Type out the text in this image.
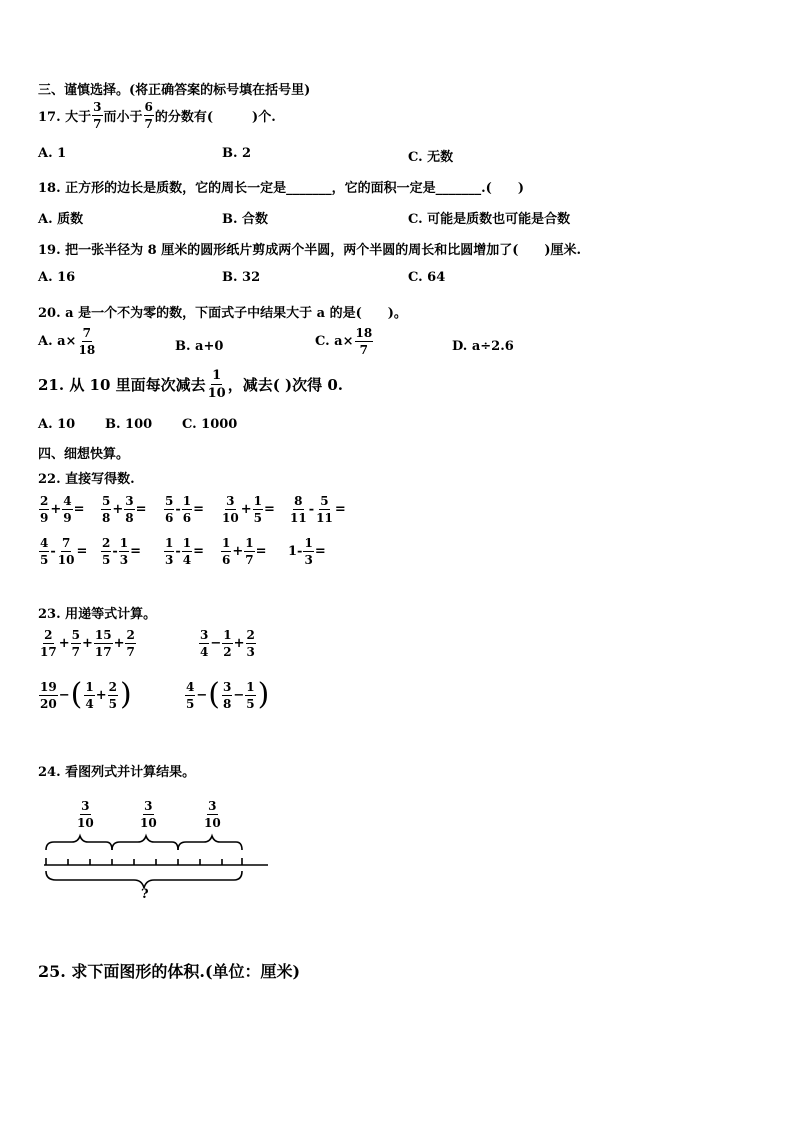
三、谨慎选择。(将正确答案的标号填在括号里)
17. 大于 $\frac{3}{7}$ 而小于 $\frac{6}{7}$ 的分数有(　　　)个.
A. 1	B. 2	C. 无数
18. 正方形的边长是质数，它的周长一定是_______，它的面积一定是_______.(　　)
A. 质数	B. 合数	C. 可能是质数也可能是合数
19. 把一张半径为 8 厘米的圆形纸片剪成两个半圆，两个半圆的周长和比圆增加了(　　)厘米.
A. 16	B. 32	C. 64
20. a 是一个不为零的数，下面式子中结果大于 a 的是(　　)。
A. $a\times \frac{7}{18}$	B. a+0	C. $a\times \frac{18}{7}$	D. a÷2.6
21. 从 10 里面每次减去 $\frac{1}{10}$ ，减去( )次得 0.
A. 10 B. 100 C. 1000
四、细想快算。
22. 直接写得数.
$\frac{2}{9} + \frac{4}{9} = \frac{5}{8} + \frac{3}{8} = \frac{5}{6} - \frac{1}{6} = \frac{3}{10} + \frac{1}{5} = \frac{8}{11} - \frac{5}{11}$ =
$\frac{4}{5} - \frac{7}{10} = \frac{2}{5} - \frac{1}{3} = \frac{1}{3} - \frac{1}{4} = \frac{1}{6} + \frac{1}{7} = 1- \frac{1}{3}$ =
23. 用递等式计算。
$\frac{2}{17} + \frac{5}{7} + \frac{15}{17} + \frac{2}{7}$	$\frac{3}{4} - \frac{1}{2} + \frac{2}{3}$
$\frac{19}{20}$ − ( $\frac{1}{4} + \frac{2}{5}$ )	$\frac{4}{5}$ − ( $\frac{3}{8} - \frac{1}{5}$ )
24. 看图列式并计算结果。
$\frac{3}{10}$	$\frac{3}{10}$	$\frac{3}{10}$
?
25. 求下面图形的体积.(单位：厘米)
